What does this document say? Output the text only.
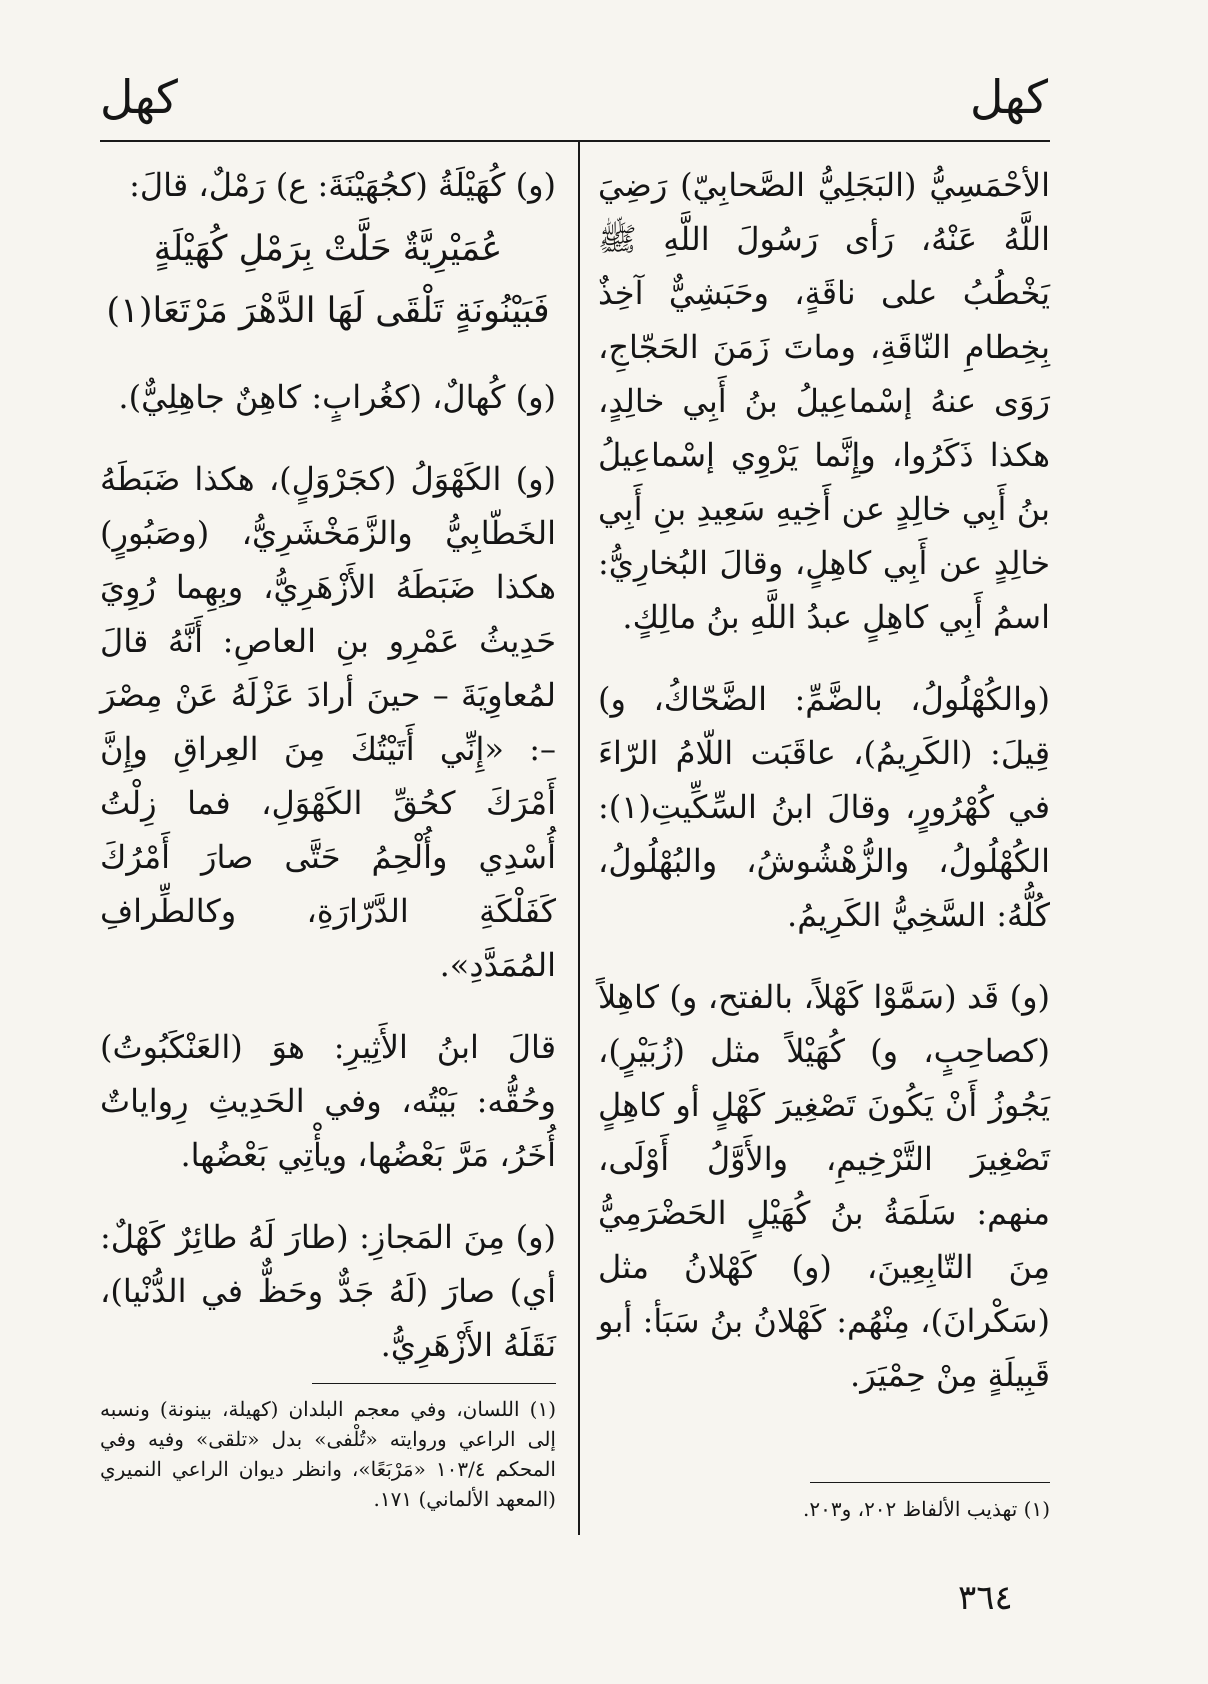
كهل
كهل

الأحْمَسِيُّ (البَجَلِيُّ الصَّحابِيّ) رَضِيَ اللَّهُ عَنْهُ، رَأى رَسُولَ اللَّهِ ﷺ يَخْطُبُ على ناقَةٍ، وحَبَشِيٌّ آخِذٌ بِخِطامِ النّاقَةِ، وماتَ زَمَنَ الحَجّاجِ، رَوَى عنهُ إسْماعِيلُ بنُ أَبِي خالِدٍ، هكذا ذَكَرُوا، وإِنَّما يَرْوِي إسْماعِيلُ بنُ أَبِي خالِدٍ عن أَخِيهِ سَعِيدِ بنِ أَبِي خالِدٍ عن أَبِي كاهِلٍ، وقالَ البُخارِيُّ: اسمُ أَبِي كاهِلٍ عبدُ اللَّهِ بنُ مالِكٍ.

(والكُهْلُولُ، بالضَّمِّ: الضَّحّاكُ، و) قِيلَ: (الكَرِيمُ)، عاقَبَت اللّامُ الرّاءَ في كُهْرُورٍ، وقالَ ابنُ السِّكِّيتِ(١): الكُهْلُولُ، والزُّهْشُوشُ، والبُهْلُولُ، كُلُّهُ: السَّخِيُّ الكَرِيمُ.

(و) قَد (سَمَّوْا كَهْلاً، بالفتح، و) كاهِلاً (كصاحِبٍ، و) كُهَيْلاً مثل (زُبَيْرٍ)، يَجُوزُ أَنْ يَكُونَ تَصْغِيرَ كَهْلٍ أو كاهِلٍ تَصْغِيرَ التَّرْخِيمِ، والأَوَّلُ أَوْلَى، منهم: سَلَمَةُ بنُ كُهَيْلٍ الحَضْرَمِيُّ مِنَ التّابِعِينَ، (و) كَهْلانُ مثل (سَكْرانَ)، مِنْهُم: كَهْلانُ بنُ سَبَأ: أبو قَبِيلَةٍ مِنْ حِمْيَرَ.

(و) كُهَيْلَةُ (كجُهَيْنَةَ: ع) رَمْلٌ، قالَ:

عُمَيْرِيَّةٌ حَلَّتْ بِرَمْلِ كُهَيْلَةٍ
فَبَيْنُونَةٍ تَلْقَى لَهَا الدَّهْرَ مَرْتَعَا(١)

(و) كُهالٌ، (كغُرابٍ: كاهِنٌ جاهِلِيٌّ).

(و) الكَهْوَلُ (كجَرْوَلٍ)، هكذا ضَبَطَهُ الخَطّابِيُّ والزَّمَخْشَرِيُّ، (وصَبُورٍ) هكذا ضَبَطَهُ الأَزْهَرِيُّ، وبِهِما رُوِيَ حَدِيثُ عَمْرِو بنِ العاصِ: أَنَّهُ قالَ لمُعاوِيَةَ – حينَ أرادَ عَزْلَهُ عَنْ مِصْرَ –: «إِنِّي أَتَيْتُكَ مِنَ العِراقِ وإِنَّ أَمْرَكَ كحُقِّ الكَهْوَلِ، فما زِلْتُ أُسْدِي وأُلْحِمُ حَتَّى صارَ أَمْرُكَ كَفَلْكَةِ الدَّرّارَةِ، وكالطِّرافِ المُمَدَّدِ».

قالَ ابنُ الأَثِيرِ: هوَ (العَنْكَبُوتُ) وحُقُّه: بَيْتُه، وفي الحَدِيثِ رِواياتٌ أُخَرُ، مَرَّ بَعْضُها، ويأْتِي بَعْضُها.

(و) مِنَ المَجازِ: (طارَ لَهُ طائِرٌ كَهْلٌ: أي) صارَ (لَهُ جَدٌّ وحَظٌّ في الدُّنْيا)، نَقَلَهُ الأَزْهَرِيُّ.

(١) تهذيب الألفاظ ٢٠٢، و٢٠٣.
(١) اللسان، وفي معجم البلدان (كهيلة، بينونة) ونسبه إلى الراعي وروايته «تُلْفى» بدل «تلقى» وفيه وفي المحكم ١٠٣/٤ «مَرْبَعًا»، وانظر ديوان الراعي النميري (المعهد الألماني) ١٧١.
٣٦٤
